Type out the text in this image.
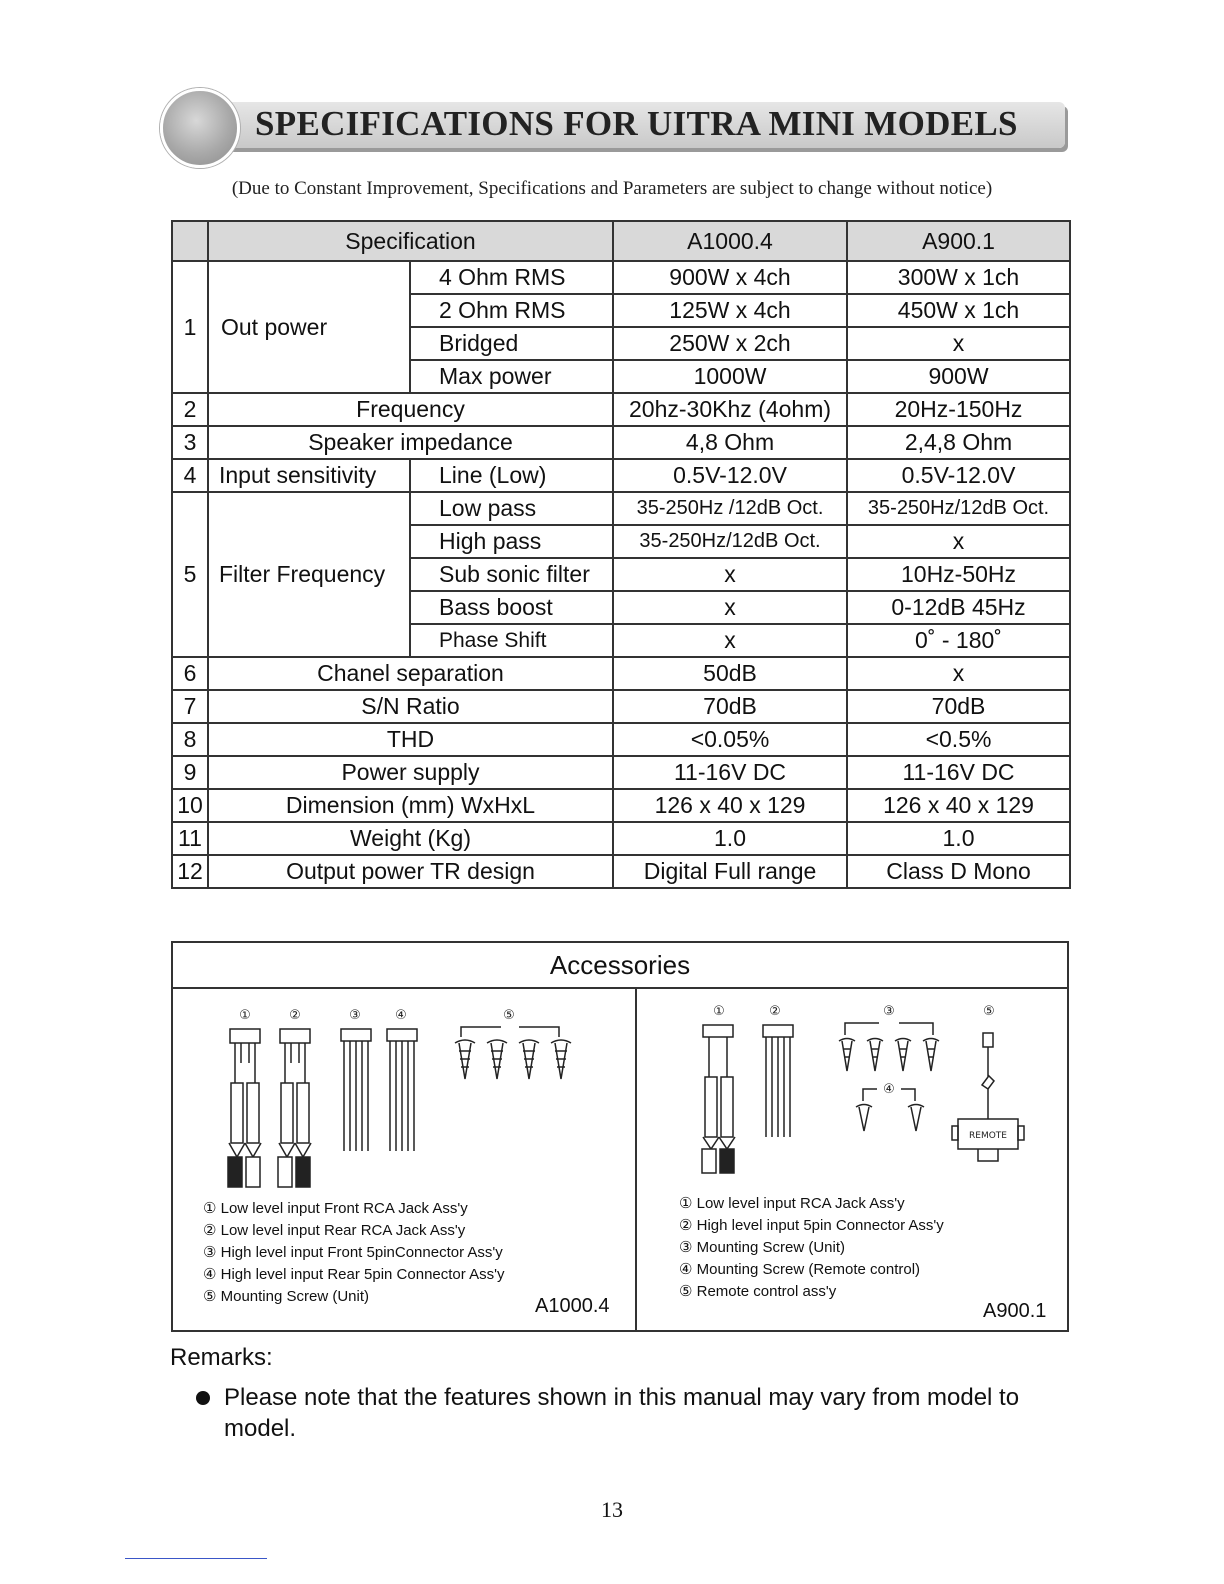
SPECIFICATIONS FOR UITRA MINI MODELS
(Due to Constant Improvement, Specifications and Parameters are subject to change without notice)
	Specification		A1000.4	A900.1
1	Out power	4 Ohm RMS	900W x 4ch	300W x 1ch
		2 Ohm RMS	125W x 4ch	450W x 1ch
		Bridged	250W x 2ch	x
		Max power	1000W	900W
2	Frequency		20hz-30Khz (4ohm)	20Hz-150Hz
3	Speaker impedance		4,8 Ohm	2,4,8 Ohm
4	Input sensitivity	Line (Low)	0.5V-12.0V	0.5V-12.0V
5	Filter Frequency	Low pass	35-250Hz /12dB Oct.	35-250Hz/12dB Oct.
		High pass	35-250Hz/12dB Oct.	x
		Sub sonic filter	x	10Hz-50Hz
		Bass boost	x	0-12dB 45Hz
		Phase Shift	x	0˚ - 180˚
6	Chanel separation		50dB	x
7	S/N Ratio		70dB	70dB
8	THD		<0.05%	<0.5%
9	Power supply		11-16V DC	11-16V DC
10	Dimension (mm) WxHxL		126 x 40 x 129	126 x 40 x 129
11	Weight (Kg)		1.0	1.0
12	Output power TR design		Digital Full range	Class D Mono
Accessories
①	②	③	④	⑤
① Low level input Front RCA Jack Ass'y
② Low level input Rear RCA Jack Ass'y
③ High level input Front 5pinConnector Ass'y
④ High level input Rear 5pin Connector Ass'y
⑤ Mounting Screw (Unit)	A1000.4
①	②	③	⑤
④
REMOTE
① Low level input RCA Jack Ass'y
② High level input 5pin Connector Ass'y
③ Mounting Screw (Unit)
④ Mounting Screw (Remote control)
⑤ Remote control ass'y
A900.1
Remarks:
Please note that the features shown in this manual may vary from model to model.
13
